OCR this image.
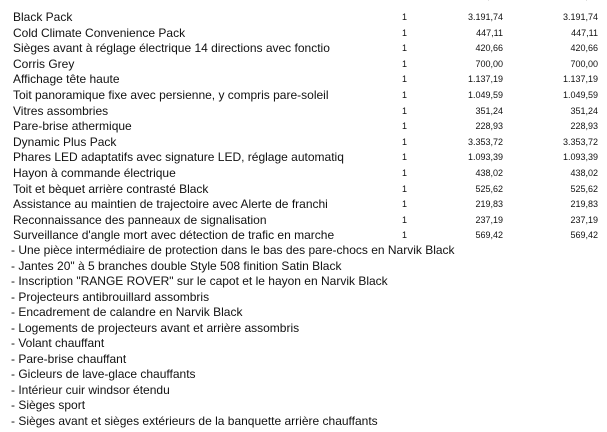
Black Pack	1	3.191,74	3.191,74
Cold Climate Convenience Pack	1	447,11	447,11
Sièges avant à réglage électrique 14 directions avec fonctio	1	420,66	420,66
Corris Grey	1	700,00	700,00
Affichage tête haute	1	1.137,19	1.137,19
Toit panoramique fixe avec persienne, y compris pare-soleil	1	1.049,59	1.049,59
Vitres assombries	1	351,24	351,24
Pare-brise athermique	1	228,93	228,93
Dynamic Plus Pack	1	3.353,72	3.353,72
Phares LED adaptatifs avec signature LED, réglage automatiq	1	1.093,39	1.093,39
Hayon à commande électrique	1	438,02	438,02
Toit et bèquet arrière contrasté Black	1	525,62	525,62
Assistance au maintien de trajectoire avec Alerte de franchi	1	219,83	219,83
Reconnaissance des panneaux de signalisation	1	237,19	237,19
Surveillance d'angle mort avec détection de trafic en marche	1	569,42	569,42
- Une pièce intermédiaire de protection dans le bas des pare-chocs en Narvik Black
- Jantes 20" à 5 branches double Style 508 finition Satin Black
- Inscription "RANGE ROVER" sur le capot et le hayon en Narvik Black
- Projecteurs antibrouillard assombris
- Encadrement de calandre en Narvik Black
- Logements de projecteurs avant et arrière assombris
- Volant chauffant
- Pare-brise chauffant
- Gicleurs de lave-glace chauffants
- Intérieur cuir windsor étendu
- Sièges sport
- Sièges avant et sièges extérieurs de la banquette arrière chauffants
